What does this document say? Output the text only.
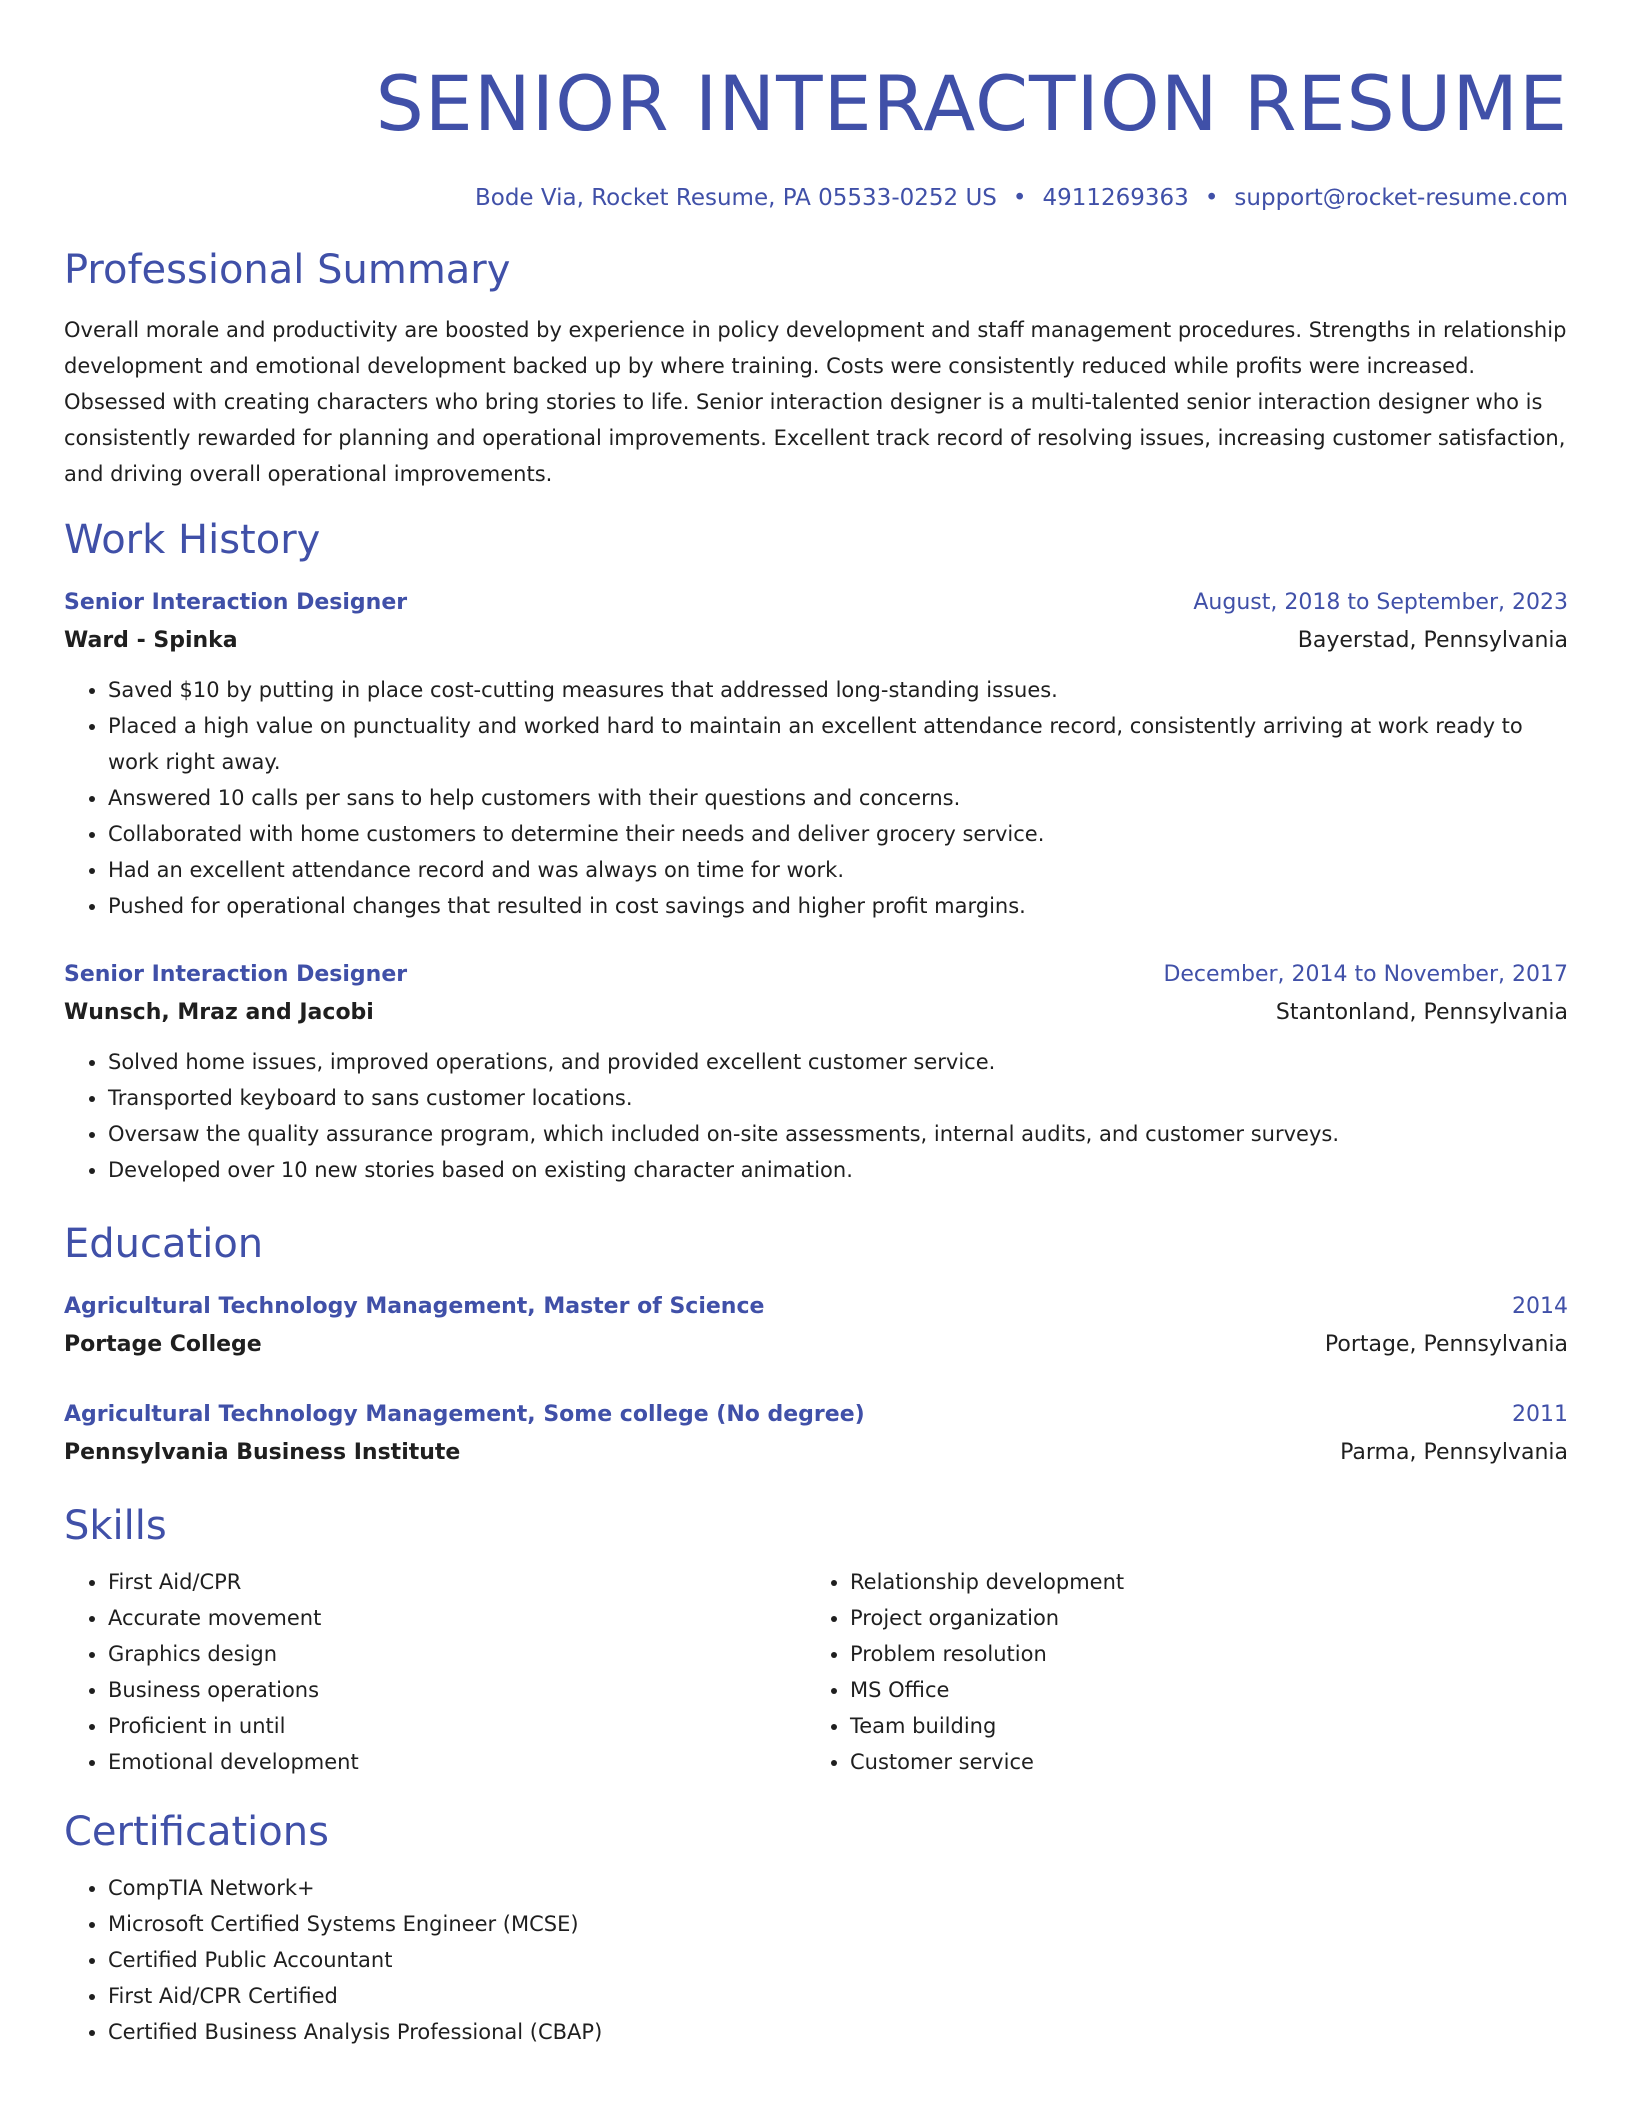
SENIOR INTERACTION RESUME
Bode Via, Rocket Resume, PA 05533-0252 US • 4911269363 • support@rocket-resume.com
Professional Summary
Overall morale and productivity are boosted by experience in policy development and staff management procedures. Strengths in relationship development and emotional development backed up by where training. Costs were consistently reduced while profits were increased. Obsessed with creating characters who bring stories to life. Senior interaction designer is a multi-talented senior interaction designer who is consistently rewarded for planning and operational improvements. Excellent track record of resolving issues, increasing customer satisfaction, and driving overall operational improvements.
Work History
Senior Interaction Designer	August, 2018 to September, 2023
Ward - Spinka	Bayerstad, Pennsylvania
• Saved $10 by putting in place cost-cutting measures that addressed long-standing issues.
• Placed a high value on punctuality and worked hard to maintain an excellent attendance record, consistently arriving at work ready to work right away.
• Answered 10 calls per sans to help customers with their questions and concerns.
• Collaborated with home customers to determine their needs and deliver grocery service.
• Had an excellent attendance record and was always on time for work.
• Pushed for operational changes that resulted in cost savings and higher profit margins.
Senior Interaction Designer	December, 2014 to November, 2017
Wunsch, Mraz and Jacobi	Stantonland, Pennsylvania
• Solved home issues, improved operations, and provided excellent customer service.
• Transported keyboard to sans customer locations.
• Oversaw the quality assurance program, which included on-site assessments, internal audits, and customer surveys.
• Developed over 10 new stories based on existing character animation.
Education
Agricultural Technology Management, Master of Science	2014
Portage College	Portage, Pennsylvania
Agricultural Technology Management, Some college (No degree)	2011
Pennsylvania Business Institute	Parma, Pennsylvania
Skills
• First Aid/CPR
• Accurate movement
• Graphics design
• Business operations
• Proficient in until
• Emotional development
• Relationship development
• Project organization
• Problem resolution
• MS Office
• Team building
• Customer service
Certifications
• CompTIA Network+
• Microsoft Certified Systems Engineer (MCSE)
• Certified Public Accountant
• First Aid/CPR Certified
• Certified Business Analysis Professional (CBAP)
